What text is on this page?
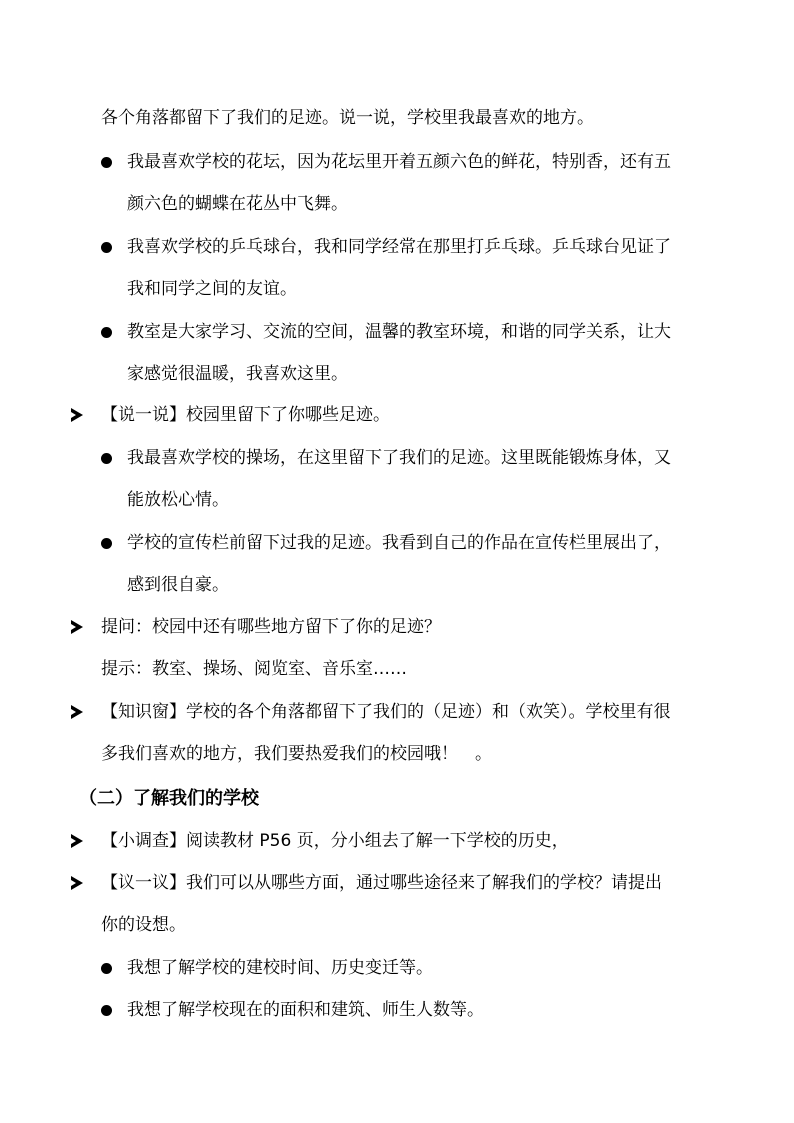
各个角落都留下了我们的足迹。说一说，学校里我最喜欢的地方。
我最喜欢学校的花坛，因为花坛里开着五颜六色的鲜花，特别香，还有五
颜六色的蝴蝶在花丛中飞舞。
我喜欢学校的乒乓球台，我和同学经常在那里打乒乓球。乒乓球台见证了
我和同学之间的友谊。
教室是大家学习、交流的空间，温馨的教室环境，和谐的同学关系，让大
家感觉很温暖，我喜欢这里。
【说一说】校园里留下了你哪些足迹。
我最喜欢学校的操场，在这里留下了我们的足迹。这里既能锻炼身体，又
能放松心情。
学校的宣传栏前留下过我的足迹。我看到自己的作品在宣传栏里展出了，
感到很自豪。
提问：校园中还有哪些地方留下了你的足迹？
提示：教室、操场、阅览室、音乐室……
【知识窗】学校的各个角落都留下了我们的（足迹）和（欢笑）。学校里有很
多我们喜欢的地方，我们要热爱我们的校园哦！　。
（二）了解我们的学校
【小调查】阅读教材 P56 页，分小组去了解一下学校的历史，
【议一议】我们可以从哪些方面，通过哪些途径来了解我们的学校？请提出
你的设想。
我想了解学校的建校时间、历史变迁等。
我想了解学校现在的面积和建筑、师生人数等。
